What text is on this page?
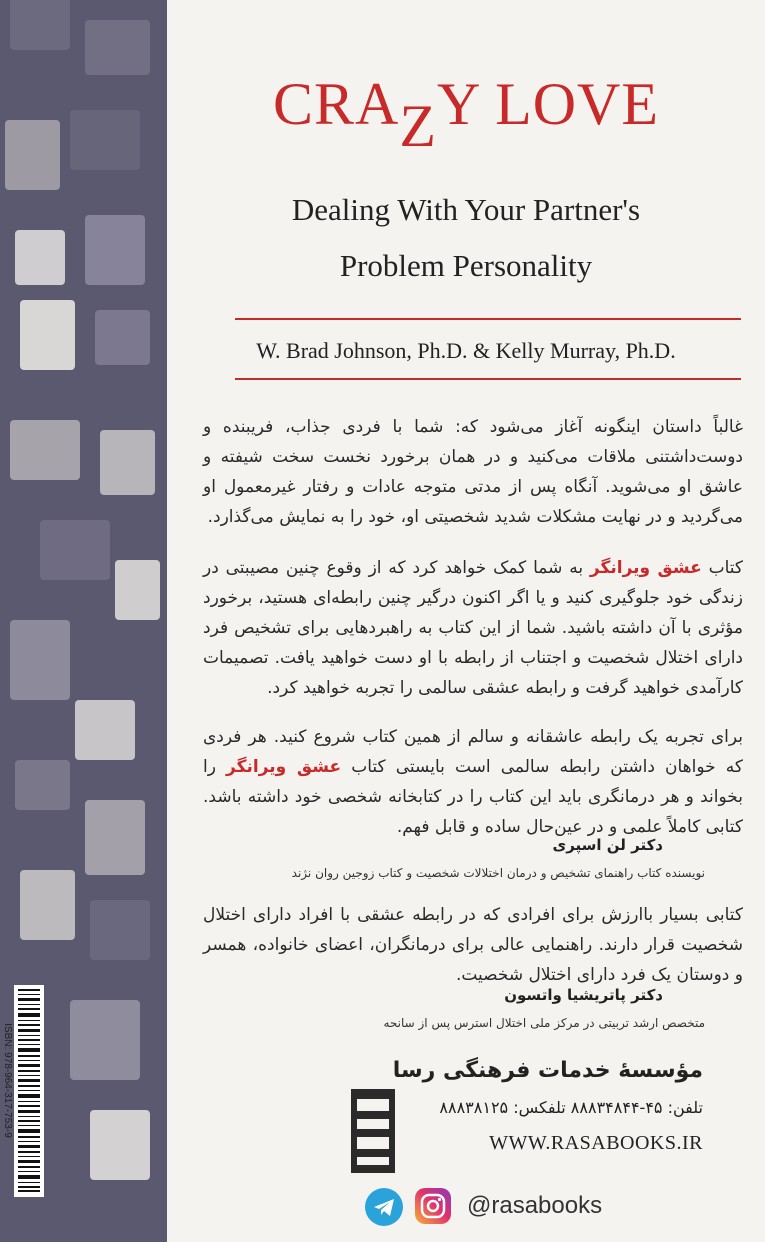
ISBN: 978-964-317-753-9
CRAZY LOVE
Dealing With Your Partner's
Problem Personality
W. Brad Johnson, Ph.D. & Kelly Murray, Ph.D.

غالباً داستان اینگونه آغاز می‌شود که: شما با فردی جذاب، فریبنده و دوست‌داشتنی ملاقات می‌کنید و در همان برخورد نخست سخت شیفته و عاشق او می‌شوید. آنگاه پس از مدتی متوجه عادات و رفتار غیرمعمول او می‌گردید و در نهایت مشکلات شدید شخصیتی او، خود را به نمایش می‌گذارد.

کتاب عشق ویرانگر به شما کمک خواهد کرد که از وقوع چنین مصیبتی در زندگی خود جلوگیری کنید و یا اگر اکنون درگیر چنین رابطه‌ای هستید، برخورد مؤثری با آن داشته باشید. شما از این کتاب به راهبردهایی برای تشخیص فرد دارای اختلال شخصیت و اجتناب از رابطه با او دست خواهید یافت. تصمیمات کارآمدی خواهید گرفت و رابطه عشقی سالمی را تجربه خواهید کرد.

برای تجربه یک رابطه عاشقانه و سالم از همین کتاب شروع کنید. هر فردی که خواهان داشتن رابطه سالمی است بایستی کتاب عشق ویرانگر را بخواند و هر درمانگری باید این کتاب را در کتابخانه شخصی خود داشته باشد. کتابی کاملاً علمی و در عین‌حال ساده و قابل فهم.

دکتر لن اسپری

نویسنده کتاب راهنمای تشخیص و درمان اختلالات شخصیت و کتاب زوجین روان نژند

کتابی بسیار باارزش برای افرادی که در رابطه عشقی با افراد دارای اختلال شخصیت قرار دارند. راهنمایی عالی برای درمانگران، اعضای خانواده، همسر و دوستان یک فرد دارای اختلال شخصیت.

دکتر پاتریشیا واتسون

متخصص ارشد تربیتی در مرکز ملی اختلال استرس پس از سانحه

مؤسسهٔ خدمات فرهنگی رسا
تلفن: ۴۵-۸۸۸۳۴۸۴۴ تلفکس: ۸۸۸۳۸۱۲۵
WWW.RASABOOKS.IR
@rasabooks
